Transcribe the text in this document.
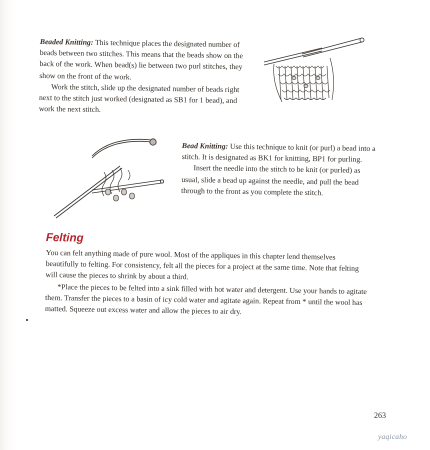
Beaded Knitting: This technique places the designated number of beads between two stitches. This means that the beads show on the back of the work. When bead(s) lie between two purl stitches, they show on the front of the work.

Work the stitch, slide up the designated number of beads right next to the stitch just worked (designated as SB1 for 1 bead), and work the next stitch.

Bead Knitting: Use this technique to knit (or purl) a bead into a stitch. It is designated as BK1 for knitting, BP1 for purling.

Insert the needle into the stitch to be knit (or purled) as usual, slide a bead up against the needle, and pull the bead through to the front as you complete the stitch.

Felting

You can felt anything made of pure wool. Most of the appliques in this chapter lend themselves beautifully to felting. For consistency, felt all the pieces for a project at the same time. Note that felting will cause the pieces to shrink by about a third.

*Place the pieces to be felted into a sink filled with hot water and detergent. Use your hands to agitate them. Transfer the pieces to a basin of icy cold water and agitate again. Repeat from * until the wool has matted. Squeeze out excess water and allow the pieces to air dry.

263

yaqicaho
